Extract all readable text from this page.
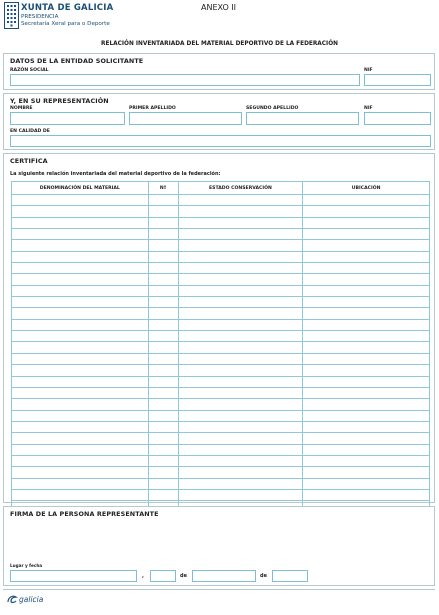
XUNTA DE GALICIA
PRESIDENCIA
Secretaría Xeral para o Deporte
ANEXO II
RELACIÓN INVENTARIADA DEL MATERIAL DEPORTIVO DE LA FEDERACIÓN
DATOS DE LA ENTIDAD SOLICITANTE
RAZÓN SOCIAL	NIF
Y, EN SU REPRESENTACIÓN
NOMBRE	PRIMER APELLIDO	SEGUNDO APELLIDO	NIF
EN CALIDAD DE
CERTIFICA
La siguiente relación inventariada del material deportivo de la federación:
DENOMINACIÓN DEL MATERIAL	Nº	ESTADO CONSERVACIÓN	UBICACIÓN

FIRMA DE LA PERSONA REPRESENTANTE
Lugar y fecha
,	de	de
galicia
